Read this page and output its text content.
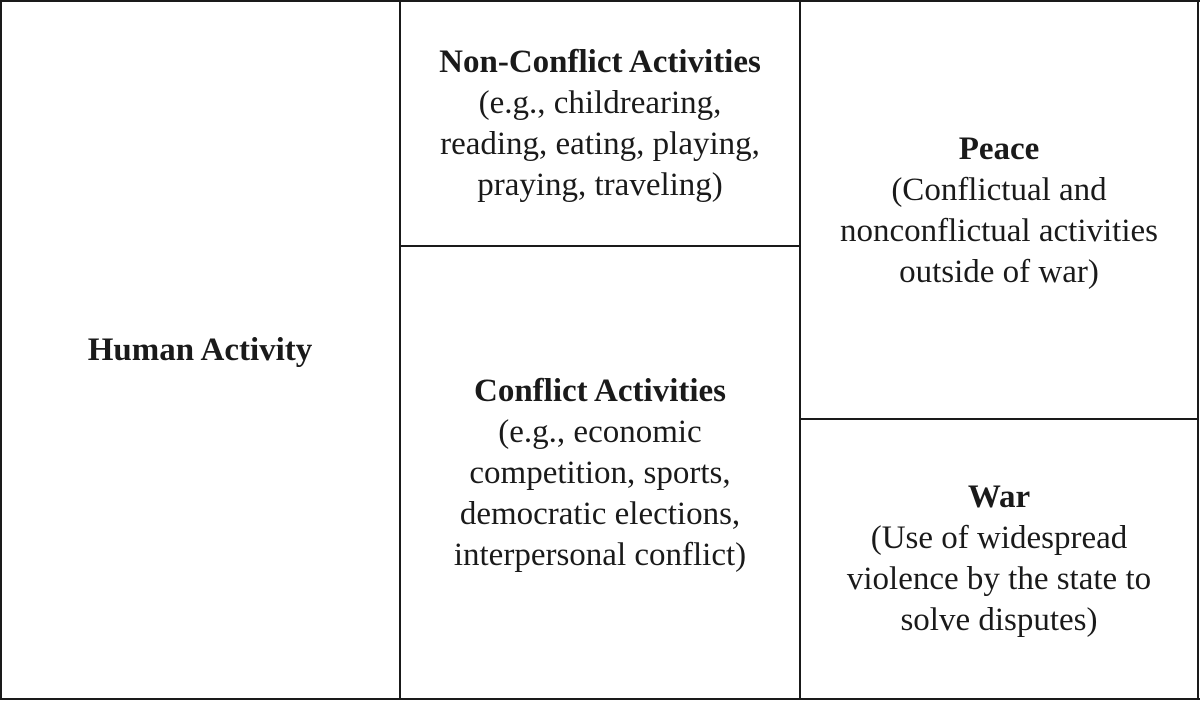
Human Activity
Non-Conflict Activities
(e.g., childrearing,
reading, eating, playing,
praying, traveling)
Conflict Activities
(e.g., economic
competition, sports,
democratic elections,
interpersonal conflict)
Peace
(Conflictual and
nonconflictual activities
outside of war)
War
(Use of widespread
violence by the state to
solve disputes)
